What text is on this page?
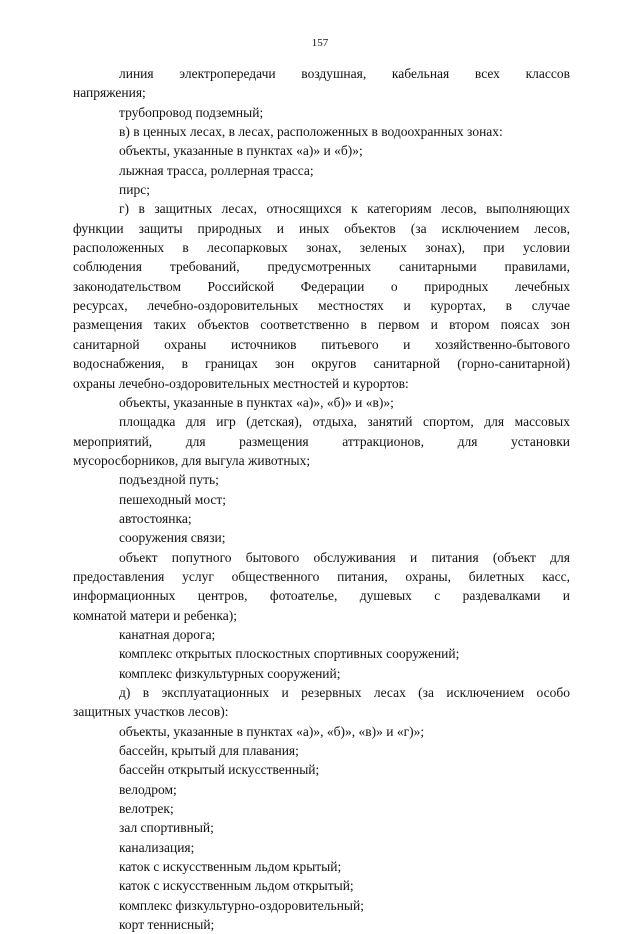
157
линия электропередачи воздушная, кабельная всех классов
напряжения;
трубопровод подземный;
в) в ценных лесах, в лесах, расположенных в водоохранных зонах:
объекты, указанные в пунктах «а)» и «б)»;
лыжная трасса, роллерная трасса;
пирс;
г) в защитных лесах, относящихся к категориям лесов, выполняющих
функции защиты природных и иных объектов (за исключением лесов,
расположенных в лесопарковых зонах, зеленых зонах), при условии
соблюдения требований, предусмотренных санитарными правилами,
законодательством Российской Федерации о природных лечебных
ресурсах, лечебно-оздоровительных местностях и курортах, в случае
размещения таких объектов соответственно в первом и втором поясах зон
санитарной охраны источников питьевого и хозяйственно-бытового
водоснабжения, в границах зон округов санитарной (горно-санитарной)
охраны лечебно-оздоровительных местностей и курортов:
объекты, указанные в пунктах «а)», «б)» и «в)»;
площадка для игр (детская), отдыха, занятий спортом, для массовых
мероприятий, для размещения аттракционов, для установки
мусоросборников, для выгула животных;
подъездной путь;
пешеходный мост;
автостоянка;
сооружения связи;
объект попутного бытового обслуживания и питания (объект для
предоставления услуг общественного питания, охраны, билетных касс,
информационных центров, фотоателье, душевых с раздевалками и
комнатой матери и ребенка);
канатная дорога;
комплекс открытых плоскостных спортивных сооружений;
комплекс физкультурных сооружений;
д) в эксплуатационных и резервных лесах (за исключением особо
защитных участков лесов):
объекты, указанные в пунктах «а)», «б)», «в)» и «г)»;
бассейн, крытый для плавания;
бассейн открытый искусственный;
велодром;
велотрек;
зал спортивный;
канализация;
каток с искусственным льдом крытый;
каток с искусственным льдом открытый;
комплекс физкультурно-оздоровительный;
корт теннисный;
